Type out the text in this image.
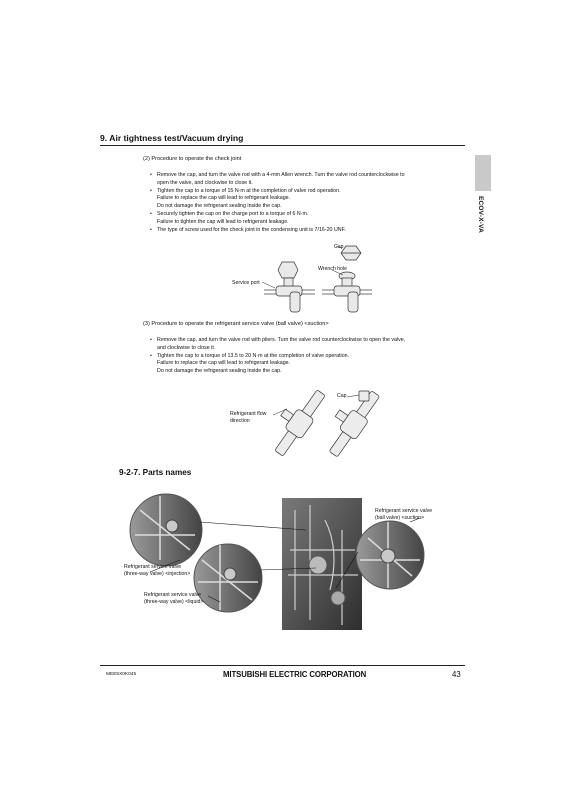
9. Air tightness test/Vacuum drying
ECOV-X-VA
(2) Procedure to operate the check joint
• Remove the cap, and turn the valve rod with a 4-mm Allen wrench. Turn the valve rod counterclockwise to
open the valve, and clockwise to close it.
• Tighten the cap to a torque of 15 N·m at the completion of valve rod operation.
Failure to replace the cap will lead to refrigerant leakage.
Do not damage the refrigerant sealing inside the cap.
• Securely tighten the cap on the charge port to a torque of 6 N·m.
Failure to tighten the cap will lead to refrigerant leakage.
• The type of screw used for the check joint in the condensing unit is 7/16-20 UNF.
Cap
Wrench hole
Service port
(3) Procedure to operate the refrigerant service valve (ball valve) <suction>
• Remove the cap, and turn the valve rod with pliers. Turn the valve rod counterclockwise to open the valve,
and clockwise to close it.
• Tighten the cap to a torque of 13.5 to 20 N·m at the completion of valve operation.
Failure to replace the cap will lead to refrigerant leakage.
Do not damage the refrigerant sealing inside the cap.
Cap
Refrigerant flow
direction
9-2-7. Parts names
Refrigerant service valve
(ball valve) <suction>
Refrigerant service valve
(three-way valve) <injection>
Refrigerant service valve
(three-way valve) <liquid>
MEE5X0K045	MITSUBISHI ELECTRIC CORPORATION	43
